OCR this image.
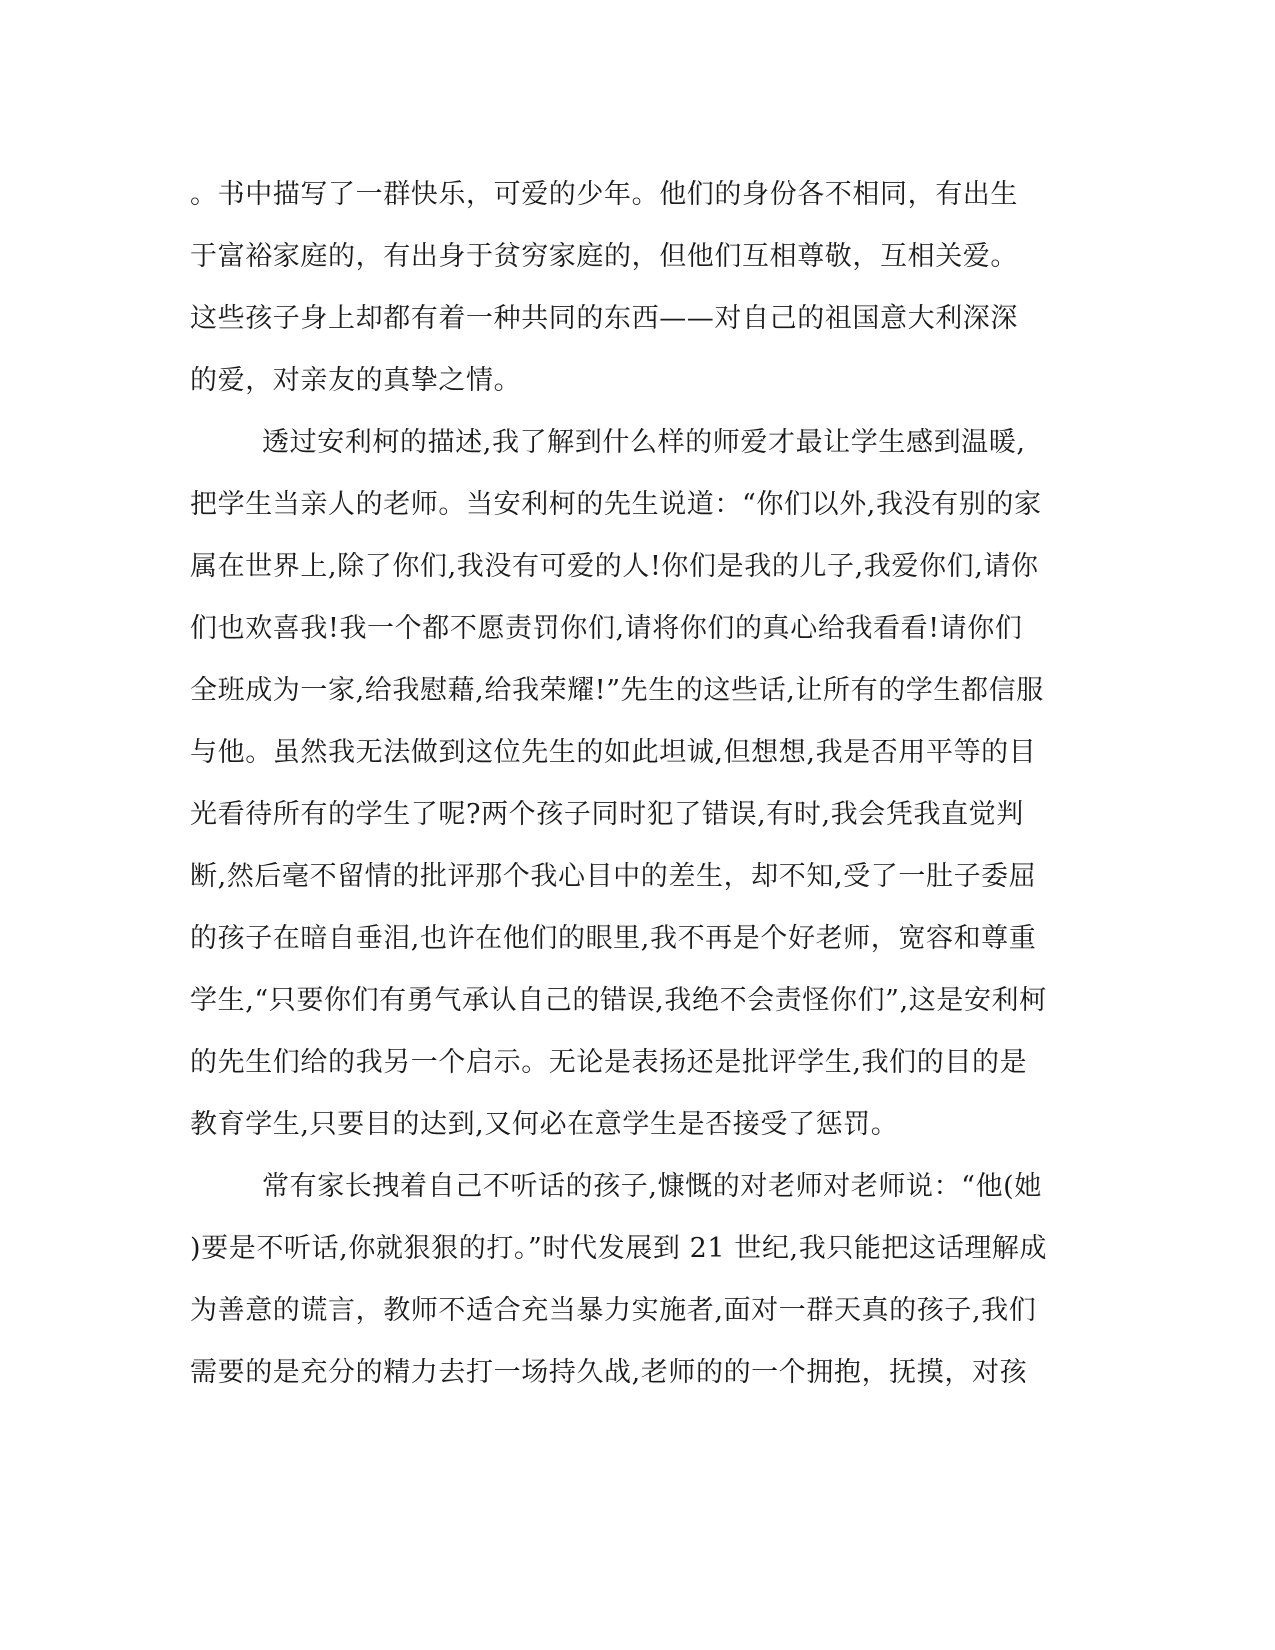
。书中描写了一群快乐，可爱的少年。他们的身份各不相同，有出生
于富裕家庭的，有出身于贫穷家庭的，但他们互相尊敬，互相关爱。
这些孩子身上却都有着一种共同的东西——对自己的祖国意大利深深
的爱，对亲友的真挚之情。
透过安利柯的描述,我了解到什么样的师爱才最让学生感到温暖,
把学生当亲人的老师。当安利柯的先生说道：“你们以外,我没有别的家
属在世界上,除了你们,我没有可爱的人!你们是我的儿子,我爱你们,请你
们也欢喜我!我一个都不愿责罚你们,请将你们的真心给我看看!请你们
全班成为一家,给我慰藉,给我荣耀!”先生的这些话,让所有的学生都信服
与他。虽然我无法做到这位先生的如此坦诚,但想想,我是否用平等的目
光看待所有的学生了呢?两个孩子同时犯了错误,有时,我会凭我直觉判
断,然后毫不留情的批评那个我心目中的差生，却不知,受了一肚子委屈
的孩子在暗自垂泪,也许在他们的眼里,我不再是个好老师，宽容和尊重
学生,“只要你们有勇气承认自己的错误,我绝不会责怪你们”,这是安利柯
的先生们给的我另一个启示。无论是表扬还是批评学生,我们的目的是
教育学生,只要目的达到,又何必在意学生是否接受了惩罚。
常有家长拽着自己不听话的孩子,慷慨的对老师对老师说：“他(她
)要是不听话,你就狠狠的打。”时代发展到 21 世纪,我只能把这话理解成
为善意的谎言，教师不适合充当暴力实施者,面对一群天真的孩子,我们
需要的是充分的精力去打一场持久战,老师的的一个拥抱，抚摸，对孩
